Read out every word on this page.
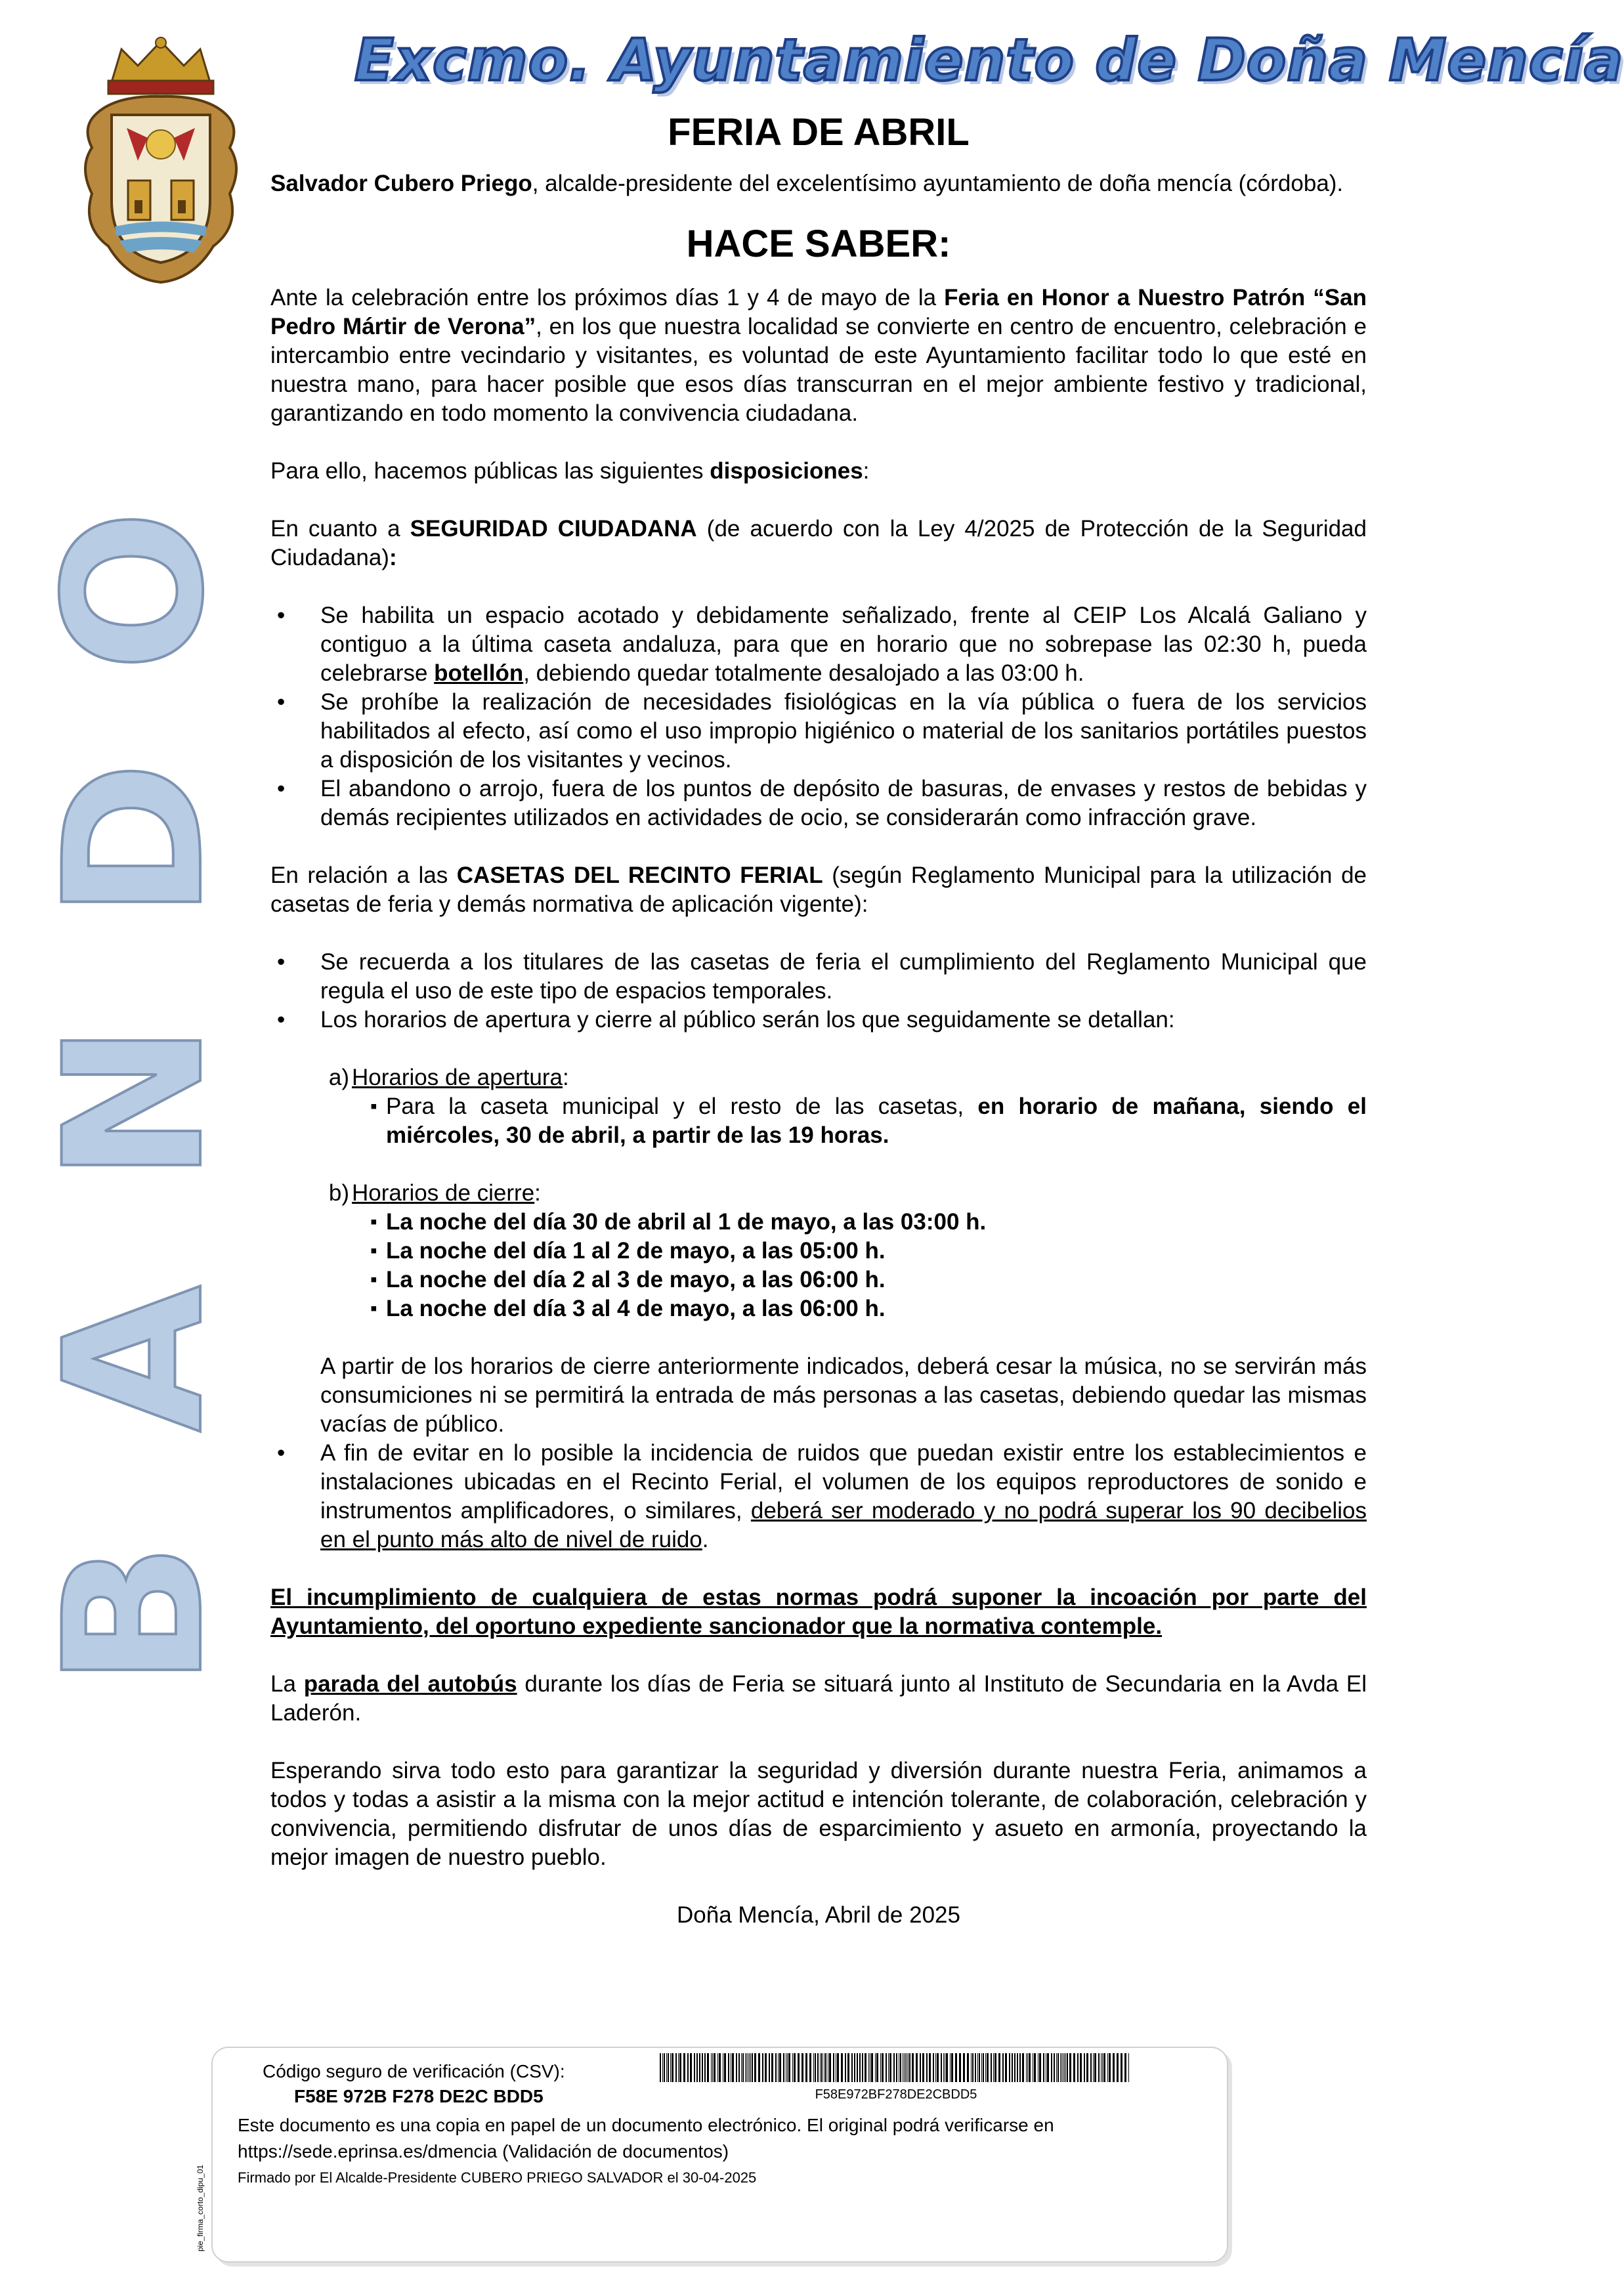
Excmo. Ayuntamiento de Doña Mencía
O
D
N
A
B
FERIA DE ABRIL

Salvador Cubero Priego, alcalde-presidente del excelentísimo ayuntamiento de doña mencía (córdoba).

Ante la celebración entre los próximos días 1 y 4 de mayo de la Feria en Honor a Nuestro Patrón “San Pedro Mártir de Verona”, en los que nuestra localidad se convierte en centro de encuentro, celebración e intercambio entre vecindario y visitantes, es voluntad de este Ayuntamiento facilitar todo lo que esté en nuestra mano, para hacer posible que esos días transcurran en el mejor ambiente festivo y tradicional, garantizando en todo momento la convivencia ciudadana.

Para ello, hacemos públicas las siguientes disposiciones:

En cuanto a SEGURIDAD CIUDADANA (de acuerdo con la Ley 4/2025 de Protección de la Seguridad Ciudadana):

• Se habilita un espacio acotado y debidamente señalizado, frente al CEIP Los Alcalá Galiano y contiguo a la última caseta andaluza, para que en horario que no sobrepase las 02:30 h, pueda celebrarse botellón, debiendo quedar totalmente desalojado a las 03:00 h.
• Se prohíbe la realización de necesidades fisiológicas en la vía pública o fuera de los servicios habilitados al efecto, así como el uso impropio higiénico o material de los sanitarios portátiles puestos a disposición de los visitantes y vecinos.
• El abandono o arrojo, fuera de los puntos de depósito de basuras, de envases y restos de bebidas y demás recipientes utilizados en actividades de ocio, se considerarán como infracción grave.

En relación a las CASETAS DEL RECINTO FERIAL (según Reglamento Municipal para la utilización de casetas de feria y demás normativa de aplicación vigente):

• Se recuerda a los titulares de las casetas de feria el cumplimiento del Reglamento Municipal que regula el uso de este tipo de espacios temporales.
• Los horarios de apertura y cierre al público serán los que seguidamente se detallan:
a) Horarios de apertura:
▪ Para la caseta municipal y el resto de las casetas, en horario de mañana, siendo el miércoles, 30 de abril, a partir de las 19 horas.
b) Horarios de cierre:
▪ La noche del día 30 de abril al 1 de mayo, a las 03:00 h.
▪ La noche del día 1 al 2 de mayo, a las 05:00 h.
▪ La noche del día 2 al 3 de mayo, a las 06:00 h.
▪ La noche del día 3 al 4 de mayo, a las 06:00 h.

A partir de los horarios de cierre anteriormente indicados, deberá cesar la música, no se servirán más consumiciones ni se permitirá la entrada de más personas a las casetas, debiendo quedar las mismas vacías de público.

• A fin de evitar en lo posible la incidencia de ruidos que puedan existir entre los establecimientos e instalaciones ubicadas en el Recinto Ferial, el volumen de los equipos reproductores de sonido e instrumentos amplificadores, o similares, deberá ser moderado y no podrá superar los 90 decibelios en el punto más alto de nivel de ruido.

El incumplimiento de cualquiera de estas normas podrá suponer la incoación por parte del Ayuntamiento, del oportuno expediente sancionador que la normativa contemple.

La parada del autobús durante los días de Feria se situará junto al Instituto de Secundaria en la Avda El Laderón.

Esperando sirva todo esto para garantizar la seguridad y diversión durante nuestra Feria, animamos a todos y todas a asistir a la misma con la mejor actitud e intención tolerante, de colaboración, celebración y convivencia, permitiendo disfrutar de unos días de esparcimiento y asueto en armonía, proyectando la mejor imagen de nuestro pueblo.

Doña Mencía, Abril de 2025

HACE SABER:
Código seguro de verificación (CSV):
F58E 972B F278 DE2C BDD5	F58E972BF278DE2CBDD5
Este documento es una copia en papel de un documento electrónico. El original podrá verificarse en https://sede.eprinsa.es/dmencia (Validación de documentos)
Firmado por El Alcalde-Presidente CUBERO PRIEGO SALVADOR el 30-04-2025
pie_firma_corto_dipu_01
